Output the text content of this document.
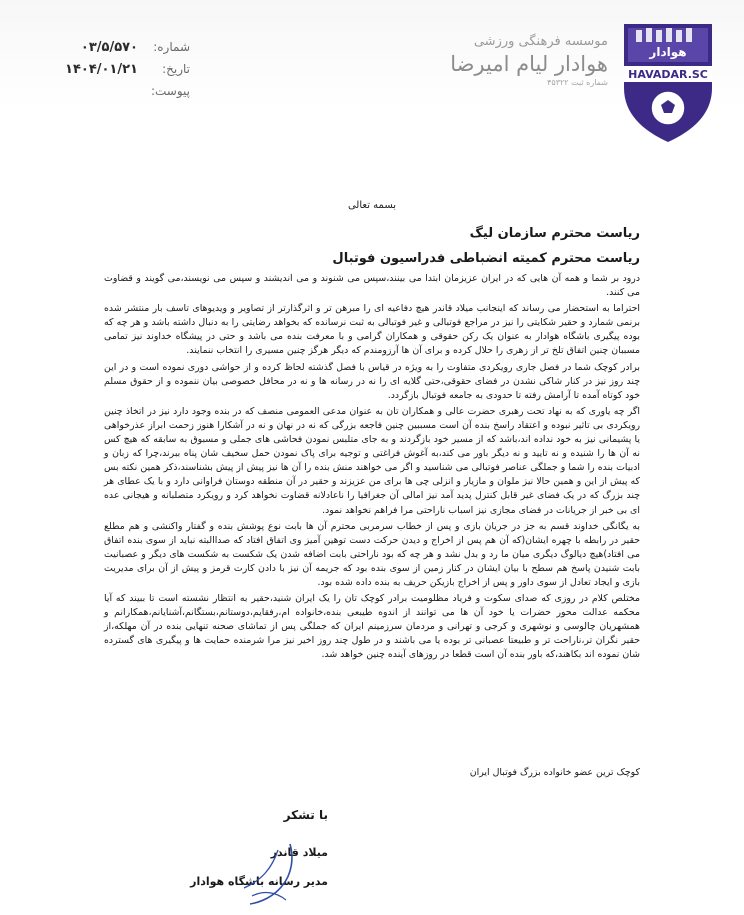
هوادار
HAVADAR.SC
موسسه فرهنگی ورزشی
هوادار لیام امیرضا
شماره ثبت ۴۵۳۲۲
شماره:
۰۳/۵/۵۷۰
تاریخ:
۱۴۰۴/۰۱/۲۱
پیوست:
بسمه تعالی
ریاست محترم سازمان لیگ
ریاست محترم کمیته انضباطی فدراسیون فوتبال

درود بر شما و همه آن هایی که در ایران عزیزمان ابتدا می بینند،سپس می شنوند و می اندیشند و سپس می نویسند،می گویند و قضاوت می کنند.

احتراما به استحضار می رساند که اینجانب میلاد قاندر هیچ دفاعیه ای را مبرهن تر و اثرگذارتر از تصاویر و ویدیوهای تاسف بار منتشر شده برنمی شمارد و حقیر شکایتی را نیز در مراجع فوتبالی و غیر فوتبالی به ثبت نرسانده که بخواهد رضایتی را به دنبال داشته باشد و هر چه که بوده پیگیری باشگاه هوادار به عنوان یک رکن حقوقی و همکاران گرامی و با معرفت بنده می باشد و حتی در پیشگاه خداوند نیز تمامی مسببان چنین اتفاق تلخ تر از زهری را حلال کرده و برای آن ها آرزومندم که دیگر هرگز چنین مسیری را انتخاب ننمایند.

برادر کوچک شما در فصل جاری رویکردی متفاوت را به ویژه در قیاس با فصل گذشته لحاظ کرده و از حواشی دوری نموده است و در این چند روز نیز در کنار شاکی نشدن در فضای حقوقی،حتی گلایه ای را نه در رسانه ها و نه در محافل خصوصی بیان ننموده و از حقوق مسلم خود کوتاه آمده تا آرامش رفته تا حدودی به جامعه فوتبال بازگردد.

اگر چه یاوری که به نهاد تحت رهبری حضرت عالی و همکاران تان به عنوان مدعی العمومی منصف که در بنده وجود دارد نیز در اتخاذ چنین رویکردی بی تاثیر نبوده و اعتقاد راسخ بنده آن است مسببین چنین فاجعه بزرگی که نه در نهان و نه در آشکارا هنوز زحمت ابراز عذرخواهی یا پشیمانی نیز به خود نداده اند،باشد که از مسیر خود بازگردند و به جای متلبس نمودن فحاشی های جملی و مسبوق به سابقه که هیچ کس نه آن ها را شنیده و نه تایید و نه دیگر باور می کند،به آغوش فراغتی و توجیه برای پاک نمودن حمل سخیف شان پناه ببرند،چرا که زبان و ادبیات بنده را شما و جملگی عناصر فوتبالی می شناسید و اگر می خواهند منش بنده را آن ها نیز پیش از پیش بشناسند،ذکر همین نکته بس که پیش از این و همین حالا نیز ملوان و مازیار و انزلی چی ها برای من عزیزند و حقیر در آن منطقه دوستان فراوانی دارد و با یک عطای هر چند بزرگ که در یک فضای غیر قابل کنترل پدید آمد نیز امالی آن جغرافیا را ناعادلانه قضاوت نخواهد کرد و رویکرد متصلبانه و هیجانی عده ای بی خبر از جریانات در فضای مجازی نیز اسباب ناراحتی مرا فراهم نخواهد نمود.

به یگانگی خداوند قسم به جز در جریان بازی و پس از خطاب سرمربی محترم آن ها بابت نوع پوشش بنده و گفتار واکنشی و هم مطلع حقیر در رابطه با چهره ایشان(که آن هم پس از اخراج و دیدن حرکت دست توهین آمیز وی اتفاق افتاد که صداالبته نباید از سوی بنده اتفاق می افتاد)هیچ دیالوگ دیگری میان ما رد و بدل نشد و هر چه که بود ناراحتی بابت اضافه شدن یک شکست به شکست های دیگر و عصبانیت بابت شنیدن پاسخ هم سطح با بیان ایشان در کنار زمین از سوی بنده بود که جریمه آن نیز با دادن کارت قرمز و پیش از آن برای مدیریت بازی و ایجاد تعادل از سوی داور و پس از اخراج بازیکن حریف به بنده داده شده بود.

مختلص کلام در روزی که صدای سکوت و فریاد مظلومیت برادر کوچک تان را یک ایران شنید،حقیر به انتظار نشسته است تا ببیند که آیا محکمه عدالت محور حضرات یا خود آن ها می توانند از اندوه طیبعی بنده،خانواده ام،رفقایم،دوستانم،بستگانم،آشنایانم،همکارانم و همشهریان چالوسی و نوشهری و کرجی و تهرانی و مردمان سرزمینم ایران که جملگی پس از تماشای صحنه تنهایی بنده در آن مهلکه،از حقیر نگران تر،ناراحت تر و طبیعتا عصبانی تر بوده یا می باشند و در طول چند روز اخیر نیز مرا شرمنده حمایت ها و پیگیری های گسترده شان نموده اند بکاهند،که باور بنده آن است قطعا در روزهای آینده چنین خواهد شد.

کوچک ترین عضو خانواده بزرگ فوتبال ایران
با تشکر
میلاد قاندر
مدیر رسانه باشگاه هوادار
